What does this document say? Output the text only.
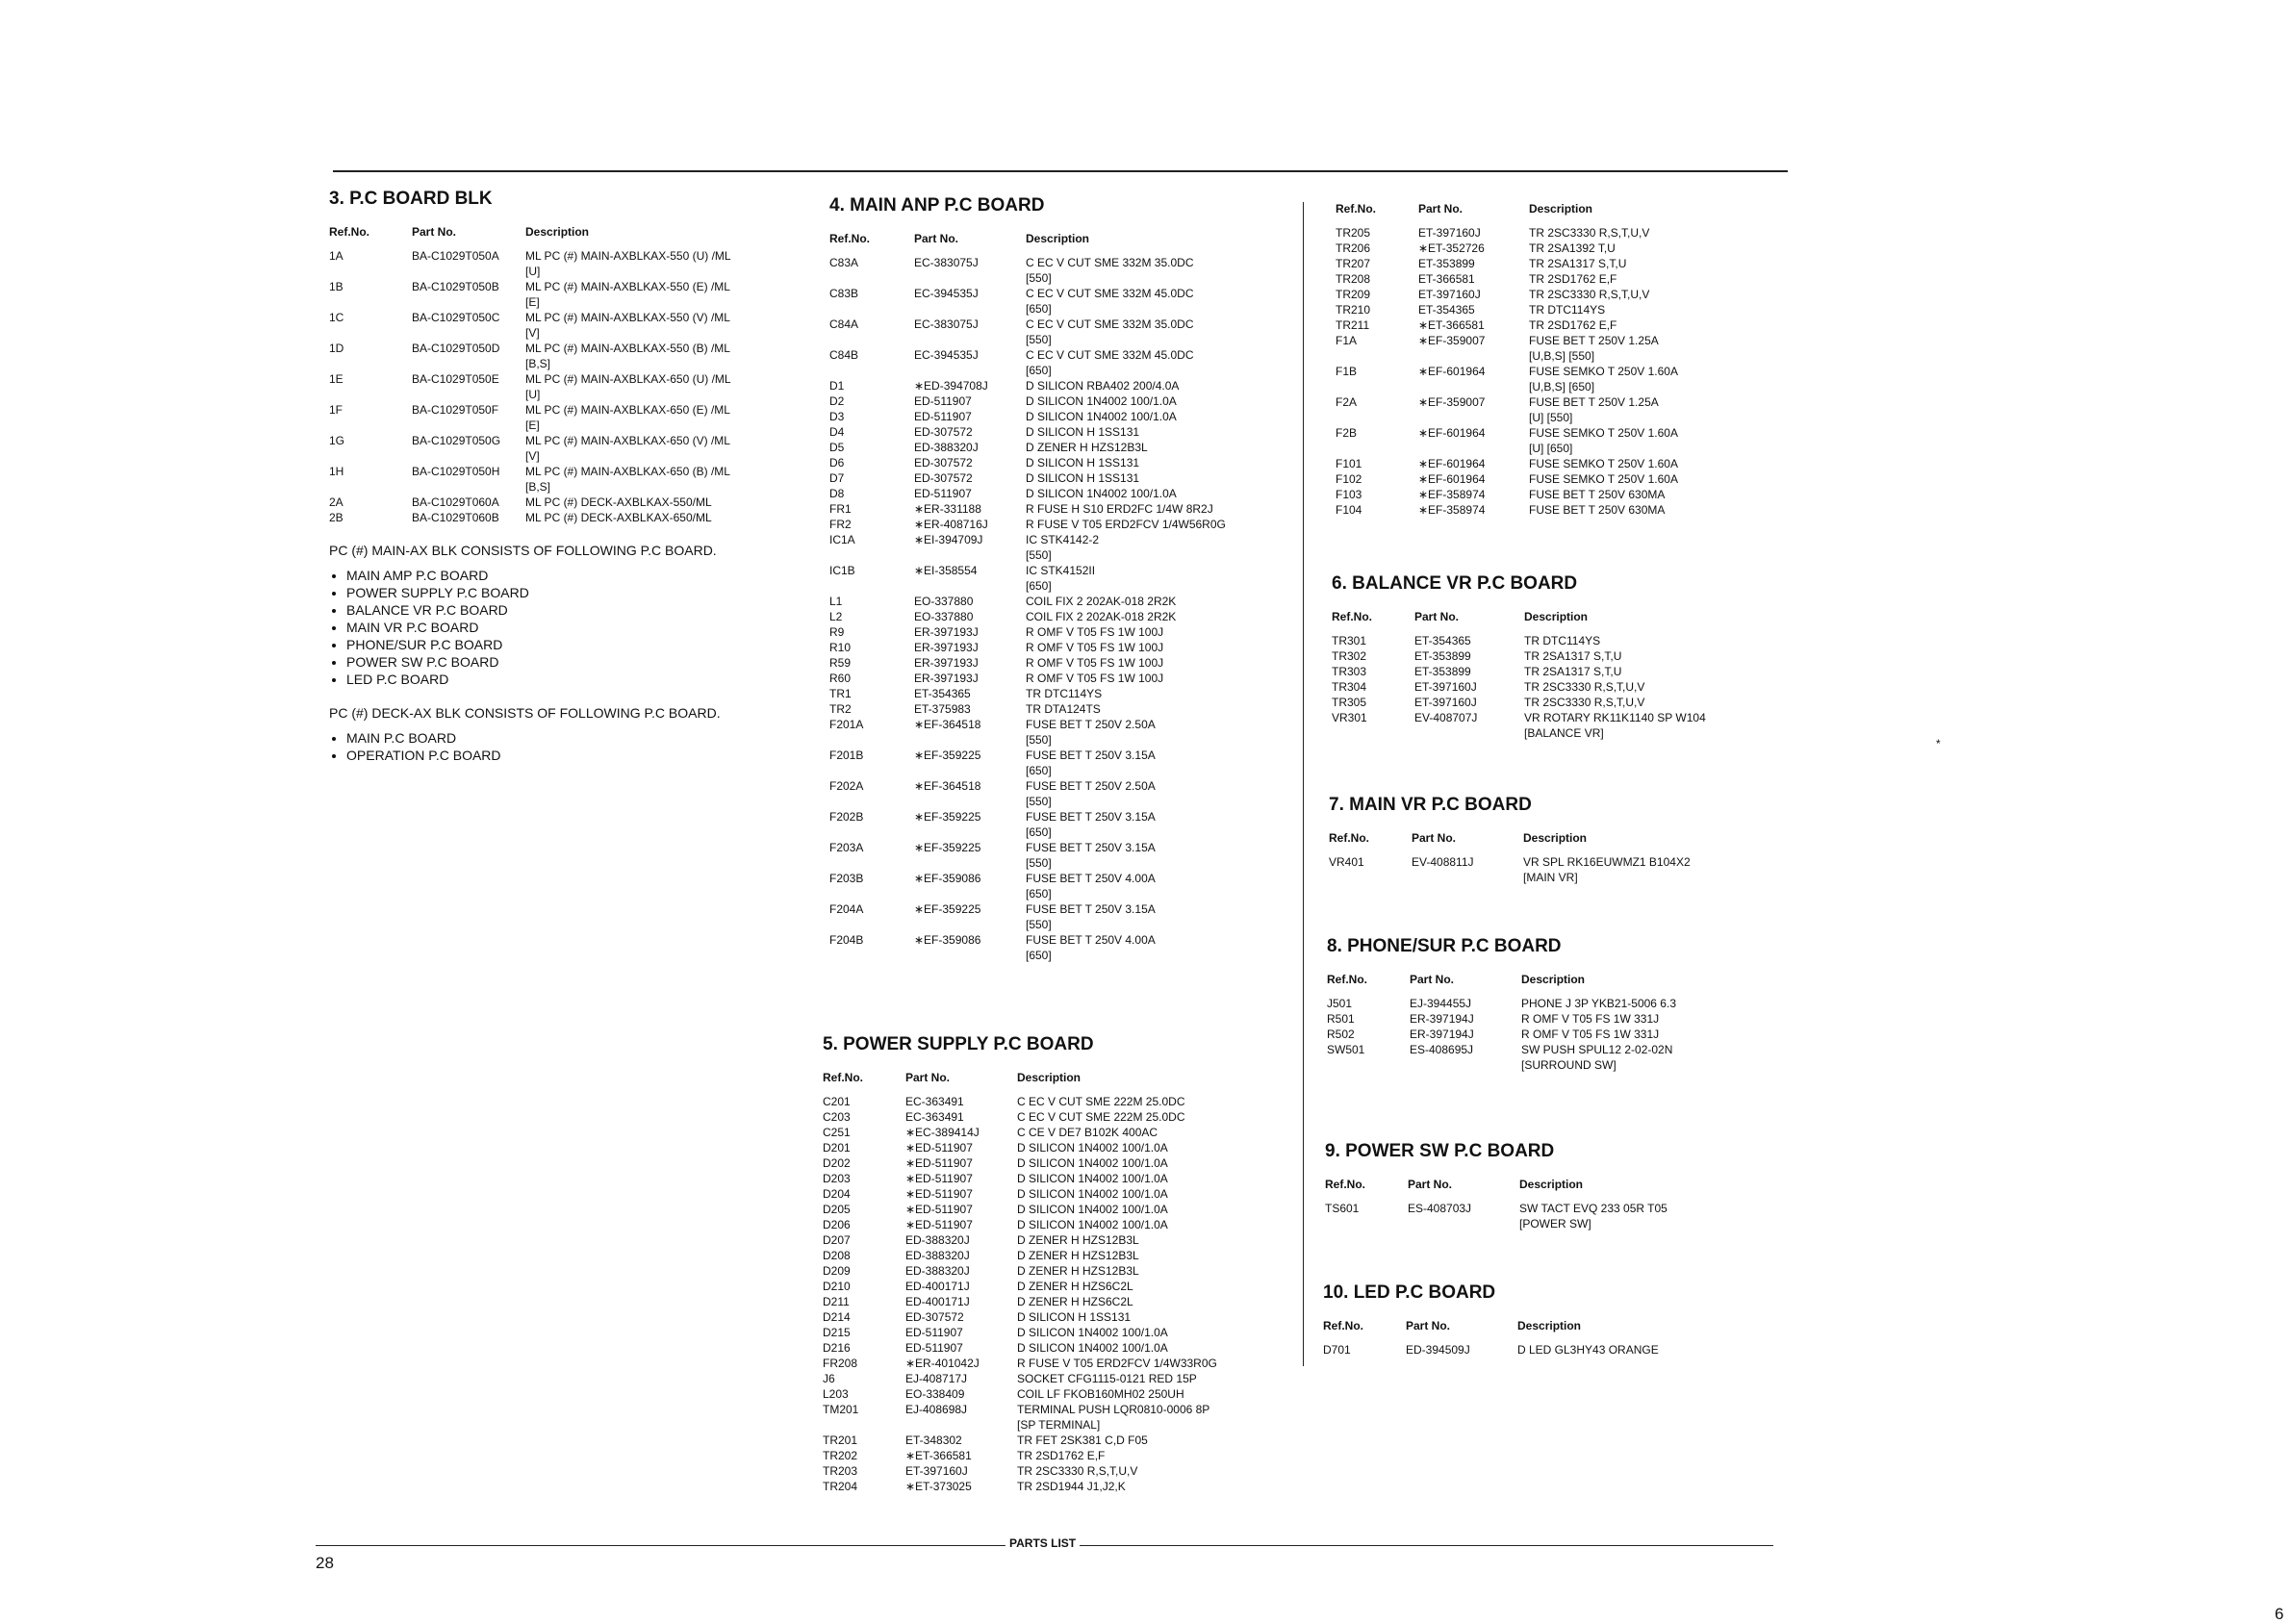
PARTS LIST
28
6
*
3. P.C BOARD BLK
Ref.No.	Part No.	Description
1A	BA-C1029T050A	ML PC (#) MAIN-AXBLKAX-550 (U) /ML
[U]
1B	BA-C1029T050B	ML PC (#) MAIN-AXBLKAX-550 (E) /ML
[E]
1C	BA-C1029T050C	ML PC (#) MAIN-AXBLKAX-550 (V) /ML
[V]
1D	BA-C1029T050D	ML PC (#) MAIN-AXBLKAX-550 (B) /ML
[B,S]
1E	BA-C1029T050E	ML PC (#) MAIN-AXBLKAX-650 (U) /ML
[U]
1F	BA-C1029T050F	ML PC (#) MAIN-AXBLKAX-650 (E) /ML
[E]
1G	BA-C1029T050G	ML PC (#) MAIN-AXBLKAX-650 (V) /ML
[V]
1H	BA-C1029T050H	ML PC (#) MAIN-AXBLKAX-650 (B) /ML
[B,S]
2A	BA-C1029T060A	ML PC (#) DECK-AXBLKAX-550/ML
2B	BA-C1029T060B	ML PC (#) DECK-AXBLKAX-650/ML
PC (#) MAIN-AX BLK CONSISTS OF FOLLOWING P.C BOARD.
• MAIN AMP P.C BOARD
• POWER SUPPLY P.C BOARD
• BALANCE VR P.C BOARD
• MAIN VR P.C BOARD
• PHONE/SUR P.C BOARD
• POWER SW P.C BOARD
• LED P.C BOARD
PC (#) DECK-AX BLK CONSISTS OF FOLLOWING P.C BOARD.
• MAIN P.C BOARD
• OPERATION P.C BOARD
4. MAIN ANP P.C BOARD
Ref.No.	Part No.	Description
C83A	EC-383075J	C EC V CUT SME 332M 35.0DC
[550]
C83B	EC-394535J	C EC V CUT SME 332M 45.0DC
[650]
C84A	EC-383075J	C EC V CUT SME 332M 35.0DC
[550]
C84B	EC-394535J	C EC V CUT SME 332M 45.0DC
[650]
D1	∗ED-394708J	D SILICON RBA402 200/4.0A
D2	ED-511907	D SILICON 1N4002 100/1.0A
D3	ED-511907	D SILICON 1N4002 100/1.0A
D4	ED-307572	D SILICON H 1SS131
D5	ED-388320J	D ZENER H HZS12B3L
D6	ED-307572	D SILICON H 1SS131
D7	ED-307572	D SILICON H 1SS131
D8	ED-511907	D SILICON 1N4002 100/1.0A
FR1	∗ER-331188	R FUSE H S10 ERD2FC 1/4W 8R2J
FR2	∗ER-408716J	R FUSE V T05 ERD2FCV 1/4W56R0G
IC1A	∗EI-394709J	IC STK4142-2
[550]
IC1B	∗EI-358554	IC STK4152II
[650]
L1	EO-337880	COIL FIX 2 202AK-018 2R2K
L2	EO-337880	COIL FIX 2 202AK-018 2R2K
R9	ER-397193J	R OMF V T05 FS 1W 100J
R10	ER-397193J	R OMF V T05 FS 1W 100J
R59	ER-397193J	R OMF V T05 FS 1W 100J
R60	ER-397193J	R OMF V T05 FS 1W 100J
TR1	ET-354365	TR DTC114YS
TR2	ET-375983	TR DTA124TS
F201A	∗EF-364518	FUSE BET T 250V 2.50A
[550]
F201B	∗EF-359225	FUSE BET T 250V 3.15A
[650]
F202A	∗EF-364518	FUSE BET T 250V 2.50A
[550]
F202B	∗EF-359225	FUSE BET T 250V 3.15A
[650]
F203A	∗EF-359225	FUSE BET T 250V 3.15A
[550]
F203B	∗EF-359086	FUSE BET T 250V 4.00A
[650]
F204A	∗EF-359225	FUSE BET T 250V 3.15A
[550]
F204B	∗EF-359086	FUSE BET T 250V 4.00A
[650]
5. POWER SUPPLY P.C BOARD
Ref.No.	Part No.	Description
C201	EC-363491	C EC V CUT SME 222M 25.0DC
C203	EC-363491	C EC V CUT SME 222M 25.0DC
C251	∗EC-389414J	C CE V DE7 B102K 400AC
D201	∗ED-511907	D SILICON 1N4002 100/1.0A
D202	∗ED-511907	D SILICON 1N4002 100/1.0A
D203	∗ED-511907	D SILICON 1N4002 100/1.0A
D204	∗ED-511907	D SILICON 1N4002 100/1.0A
D205	∗ED-511907	D SILICON 1N4002 100/1.0A
D206	∗ED-511907	D SILICON 1N4002 100/1.0A
D207	ED-388320J	D ZENER H HZS12B3L
D208	ED-388320J	D ZENER H HZS12B3L
D209	ED-388320J	D ZENER H HZS12B3L
D210	ED-400171J	D ZENER H HZS6C2L
D211	ED-400171J	D ZENER H HZS6C2L
D214	ED-307572	D SILICON H 1SS131
D215	ED-511907	D SILICON 1N4002 100/1.0A
D216	ED-511907	D SILICON 1N4002 100/1.0A
FR208	∗ER-401042J	R FUSE V T05 ERD2FCV 1/4W33R0G
J6	EJ-408717J	SOCKET CFG1115-0121 RED 15P
L203	EO-338409	COIL LF FKOB160MH02 250UH
TM201	EJ-408698J	TERMINAL PUSH LQR0810-0006 8P
[SP TERMINAL]
TR201	ET-348302	TR FET 2SK381 C,D F05
TR202	∗ET-366581	TR 2SD1762 E,F
TR203	ET-397160J	TR 2SC3330 R,S,T,U,V
TR204	∗ET-373025	TR 2SD1944 J1,J2,K
Ref.No.	Part No.	Description
TR205	ET-397160J	TR 2SC3330 R,S,T,U,V
TR206	∗ET-352726	TR 2SA1392 T,U
TR207	ET-353899	TR 2SA1317 S,T,U
TR208	ET-366581	TR 2SD1762 E,F
TR209	ET-397160J	TR 2SC3330 R,S,T,U,V
TR210	ET-354365	TR DTC114YS
TR211	∗ET-366581	TR 2SD1762 E,F
F1A	∗EF-359007	FUSE BET T 250V 1.25A
[U,B,S] [550]
F1B	∗EF-601964	FUSE SEMKO T 250V 1.60A
[U,B,S] [650]
F2A	∗EF-359007	FUSE BET T 250V 1.25A
[U] [550]
F2B	∗EF-601964	FUSE SEMKO T 250V 1.60A
[U] [650]
F101	∗EF-601964	FUSE SEMKO T 250V 1.60A
F102	∗EF-601964	FUSE SEMKO T 250V 1.60A
F103	∗EF-358974	FUSE BET T 250V 630MA
F104	∗EF-358974	FUSE BET T 250V 630MA
6. BALANCE VR P.C BOARD
Ref.No.	Part No.	Description
TR301	ET-354365	TR DTC114YS
TR302	ET-353899	TR 2SA1317 S,T,U
TR303	ET-353899	TR 2SA1317 S,T,U
TR304	ET-397160J	TR 2SC3330 R,S,T,U,V
TR305	ET-397160J	TR 2SC3330 R,S,T,U,V
VR301	EV-408707J	VR ROTARY RK11K1140 SP W104
[BALANCE VR]
7. MAIN VR P.C BOARD
Ref.No.	Part No.	Description
VR401	EV-408811J	VR SPL RK16EUWMZ1 B104X2
[MAIN VR]
8. PHONE/SUR P.C BOARD
Ref.No.	Part No.	Description
J501	EJ-394455J	PHONE J 3P YKB21-5006 6.3
R501	ER-397194J	R OMF V T05 FS 1W 331J
R502	ER-397194J	R OMF V T05 FS 1W 331J
SW501	ES-408695J	SW PUSH SPUL12 2-02-02N
[SURROUND SW]
9. POWER SW P.C BOARD
Ref.No.	Part No.	Description
TS601	ES-408703J	SW TACT EVQ 233 05R T05
[POWER SW]
10. LED P.C BOARD
Ref.No.	Part No.	Description
D701	ED-394509J	D LED GL3HY43 ORANGE
